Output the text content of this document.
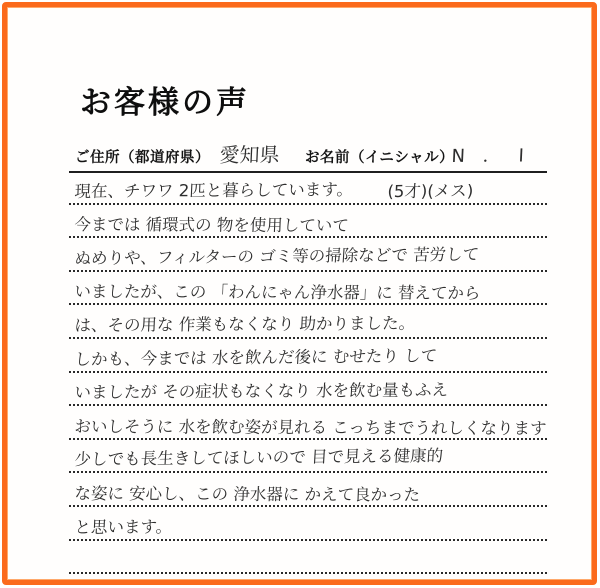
お客様の声
ご住所（都道府県） 愛知県 お名前（イニシャル）
N ． I
現在、チワワ 2匹と暮らしています。 (5才)(メス)
今までは 循環式の 物を使用していて
ぬめりや、フィルターの ゴミ等の掃除などで 苦労して
いましたが、この 「わんにゃん浄水器」に 替えてから
は、その用な 作業もなくなり 助かりました。
しかも、今までは 水を飲んだ後に むせたり して
いましたが その症状もなくなり 水を飲む量もふえ
おいしそうに 水を飲む姿が見れる こっちまでうれしくなります
少しでも長生きしてほしいので 目で見える健康的
な姿に 安心し、この 浄水器に かえて良かった
と思います。
